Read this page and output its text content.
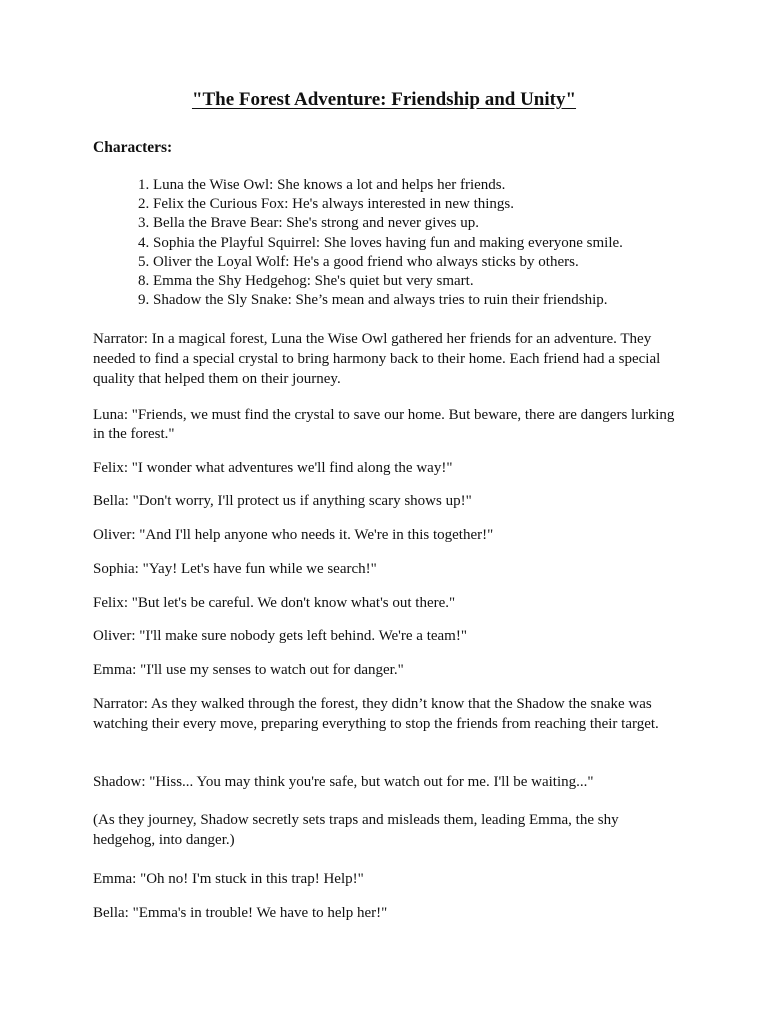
"The Forest Adventure: Friendship and Unity"

Characters:

1. Luna the Wise Owl: She knows a lot and helps her friends.
2. Felix the Curious Fox: He's always interested in new things.
3. Bella the Brave Bear: She's strong and never gives up.
4. Sophia the Playful Squirrel: She loves having fun and making everyone smile.
5. Oliver the Loyal Wolf: He's a good friend who always sticks by others.
8. Emma the Shy Hedgehog: She's quiet but very smart.
9. Shadow the Sly Snake: She’s mean and always tries to ruin their friendship.

Narrator: In a magical forest, Luna the Wise Owl gathered her friends for an adventure. They needed to find a special crystal to bring harmony back to their home. Each friend had a special quality that helped them on their journey.

Luna: "Friends, we must find the crystal to save our home. But beware, there are dangers lurking in the forest."

Felix: "I wonder what adventures we'll find along the way!"

Bella: "Don't worry, I'll protect us if anything scary shows up!"

Oliver: "And I'll help anyone who needs it. We're in this together!"

Sophia: "Yay! Let's have fun while we search!"

Felix: "But let's be careful. We don't know what's out there."

Oliver: "I'll make sure nobody gets left behind. We're a team!"

Emma: "I'll use my senses to watch out for danger."

Narrator: As they walked through the forest, they didn’t know that the Shadow the snake was watching their every move, preparing everything to stop the friends from reaching their target.

Shadow: "Hiss... You may think you're safe, but watch out for me. I'll be waiting..."

(As they journey, Shadow secretly sets traps and misleads them, leading Emma, the shy hedgehog, into danger.)

Emma: "Oh no! I'm stuck in this trap! Help!"

Bella: "Emma's in trouble! We have to help her!"
